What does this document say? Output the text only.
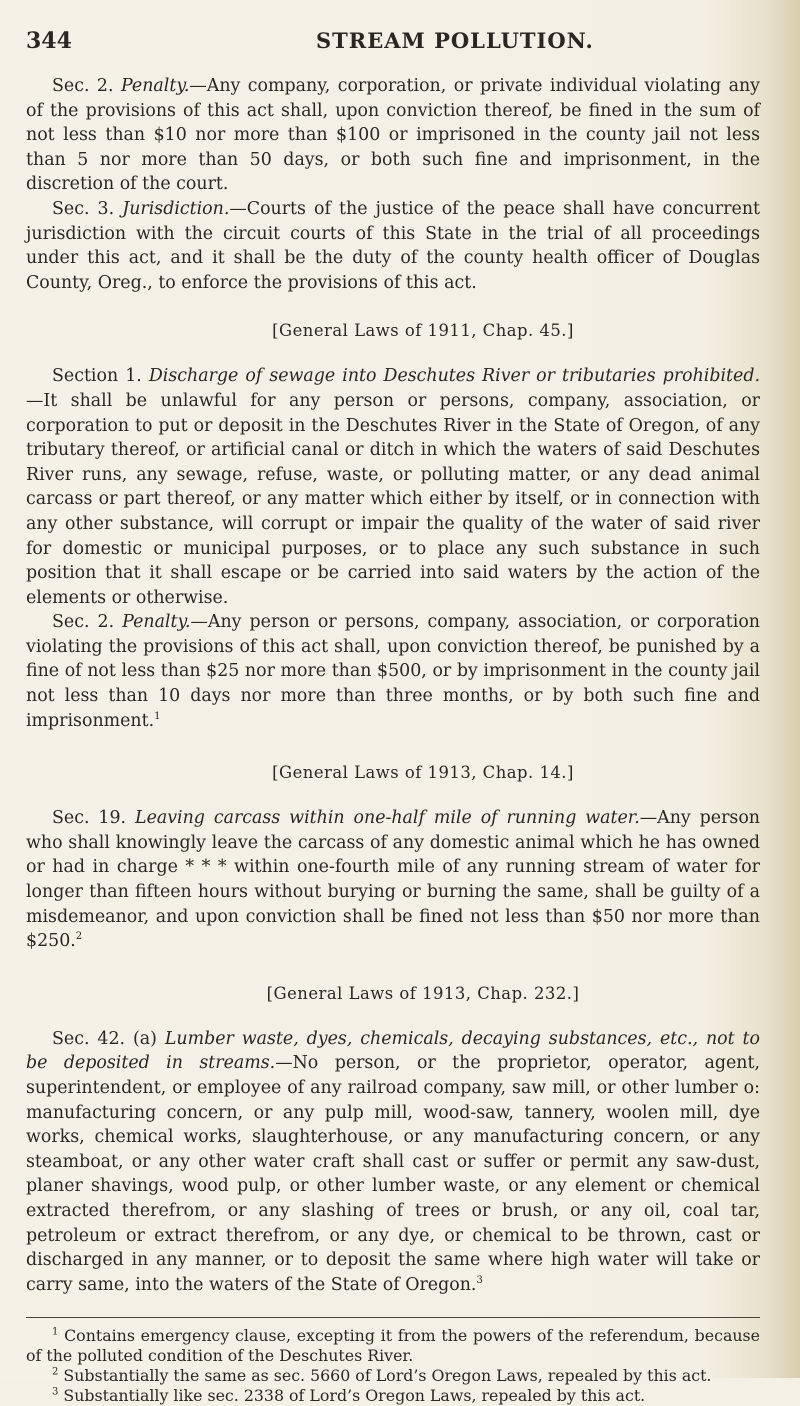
344	STREAM POLLUTION.

Sec. 2. Penalty.—Any company, corporation, or private individual violating any of the provisions of this act shall, upon conviction thereof, be fined in the sum of not less than $10 nor more than $100 or imprisoned in the county jail not less than 5 nor more than 50 days, or both such fine and imprisonment, in the discretion of the court.

Sec. 3. Jurisdiction.—Courts of the justice of the peace shall have concurrent jurisdiction with the circuit courts of this State in the trial of all proceedings under this act, and it shall be the duty of the county health officer of Douglas County, Oreg., to enforce the provisions of this act.

[General Laws of 1911, Chap. 45.]

Section 1. Discharge of sewage into Deschutes River or tributaries prohibited.—It shall be unlawful for any person or persons, company, association, or corporation to put or deposit in the Deschutes River in the State of Oregon, of any tributary thereof, or artificial canal or ditch in which the waters of said Deschutes River runs, any sewage, refuse, waste, or polluting matter, or any dead animal carcass or part thereof, or any matter which either by itself, or in connection with any other substance, will corrupt or impair the quality of the water of said river for domestic or municipal purposes, or to place any such substance in such position that it shall escape or be carried into said waters by the action of the elements or otherwise.

Sec. 2. Penalty.—Any person or persons, company, association, or corporation violating the provisions of this act shall, upon conviction thereof, be punished by a fine of not less than $25 nor more than $500, or by imprisonment in the county jail not less than 10 days nor more than three months, or by both such fine and imprisonment.$^1$

[General Laws of 1913, Chap. 14.]

Sec. 19. Leaving carcass within one-half mile of running water.—Any person who shall knowingly leave the carcass of any domestic animal which he has owned or had in charge * * * within one-fourth mile of any running stream of water for longer than fifteen hours without burying or burning the same, shall be guilty of a misdemeanor, and upon conviction shall be fined not less than $50 nor more than $250.$^2$

[General Laws of 1913, Chap. 232.]

Sec. 42. (a) Lumber waste, dyes, chemicals, decaying substances, etc., not to be deposited in streams.—No person, or the proprietor, operator, agent, superintendent, or employee of any railroad company, saw mill, or other lumber o: manufacturing concern, or any pulp mill, wood-saw, tannery, woolen mill, dye works, chemical works, slaughterhouse, or any manufacturing concern, or any steamboat, or any other water craft shall cast or suffer or permit any saw-dust, planer shavings, wood pulp, or other lumber waste, or any element or chemical extracted therefrom, or any slashing of trees or brush, or any oil, coal tar, petroleum or extract therefrom, or any dye, or chemical to be thrown, cast or discharged in any manner, or to deposit the same where high water will take or carry same, into the waters of the State of Oregon.$^3$

$^1$ Contains emergency clause, excepting it from the powers of the referendum, because of the polluted condition of the Deschutes River.

$^2$ Substantially the same as sec. 5660 of Lord’s Oregon Laws, repealed by this act.

$^3$ Substantially like sec. 2338 of Lord’s Oregon Laws, repealed by this act.
